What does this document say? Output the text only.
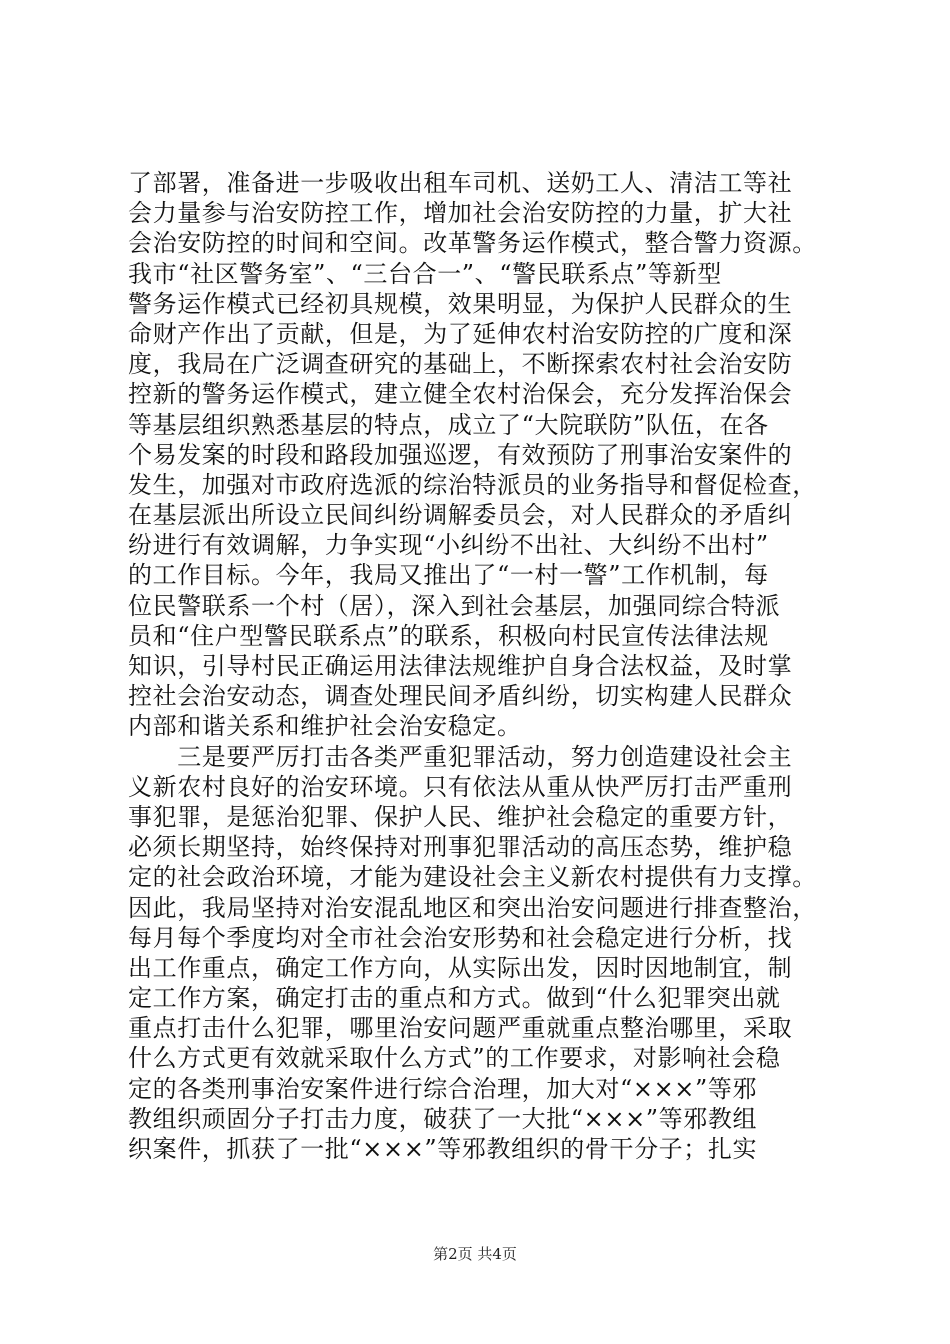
了部署，准备进一步吸收出租车司机、送奶工人、清洁工等社
会力量参与治安防控工作，增加社会治安防控的力量，扩大社
会治安防控的时间和空间。改革警务运作模式，整合警力资源。
我市“社区警务室”、“三台合一”、“警民联系点”等新型
警务运作模式已经初具规模，效果明显，为保护人民群众的生
命财产作出了贡献，但是，为了延伸农村治安防控的广度和深
度，我局在广泛调查研究的基础上，不断探索农村社会治安防
控新的警务运作模式，建立健全农村治保会，充分发挥治保会
等基层组织熟悉基层的特点，成立了“大院联防”队伍，在各
个易发案的时段和路段加强巡逻，有效预防了刑事治安案件的
发生，加强对市政府选派的综治特派员的业务指导和督促检查，
在基层派出所设立民间纠纷调解委员会，对人民群众的矛盾纠
纷进行有效调解，力争实现“小纠纷不出社、大纠纷不出村”
的工作目标。今年，我局又推出了“一村一警”工作机制，每
位民警联系一个村（居），深入到社会基层，加强同综合特派
员和“住户型警民联系点”的联系，积极向村民宣传法律法规
知识，引导村民正确运用法律法规维护自身合法权益，及时掌
控社会治安动态，调查处理民间矛盾纠纷，切实构建人民群众
内部和谐关系和维护社会治安稳定。
　　三是要严厉打击各类严重犯罪活动，努力创造建设社会主
义新农村良好的治安环境。只有依法从重从快严厉打击严重刑
事犯罪，是惩治犯罪、保护人民、维护社会稳定的重要方针，
必须长期坚持，始终保持对刑事犯罪活动的高压态势，维护稳
定的社会政治环境，才能为建设社会主义新农村提供有力支撑。
因此，我局坚持对治安混乱地区和突出治安问题进行排查整治，
每月每个季度均对全市社会治安形势和社会稳定进行分析，找
出工作重点，确定工作方向，从实际出发，因时因地制宜，制
定工作方案，确定打击的重点和方式。做到“什么犯罪突出就
重点打击什么犯罪，哪里治安问题严重就重点整治哪里，采取
什么方式更有效就采取什么方式”的工作要求，对影响社会稳
定的各类刑事治安案件进行综合治理，加大对“×××”等邪
教组织顽固分子打击力度，破获了一大批“×××”等邪教组
织案件，抓获了一批“×××”等邪教组织的骨干分子；扎实
第2页 共4页
